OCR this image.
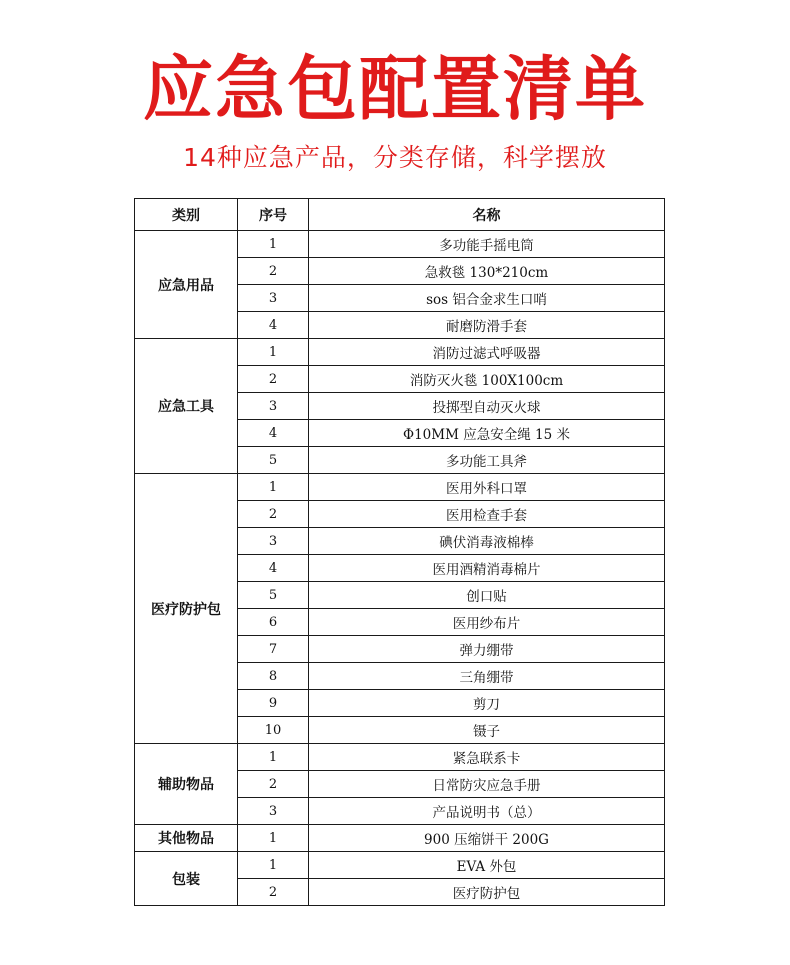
应急包配置清单
14种应急产品，分类存储，科学摆放
类别	序号	名称
应急用品	1	多功能手摇电筒
	2	急救毯 130*210cm
	3	sos 铝合金求生口哨
	4	耐磨防滑手套
应急工具	1	消防过滤式呼吸器
	2	消防灭火毯 100X100cm
	3	投掷型自动灭火球
	4	Φ10MM 应急安全绳 15 米
	5	多功能工具斧
医疗防护包	1	医用外科口罩
	2	医用检查手套
	3	碘伏消毒液棉棒
	4	医用酒精消毒棉片
	5	创口贴
	6	医用纱布片
	7	弹力绷带
	8	三角绷带
	9	剪刀
	10	镊子
辅助物品	1	紧急联系卡
	2	日常防灾应急手册
	3	产品说明书（总）
其他物品	1	900 压缩饼干 200G
包装	1	EVA 外包
	2	医疗防护包
